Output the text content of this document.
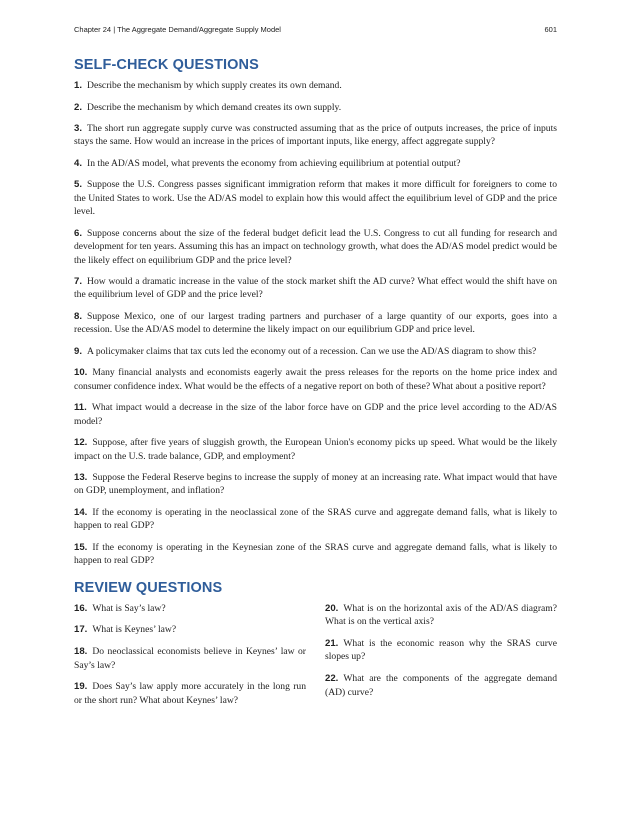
Chapter 24 | The Aggregate Demand/Aggregate Supply Model	601
SELF-CHECK QUESTIONS

1. Describe the mechanism by which supply creates its own demand.

2. Describe the mechanism by which demand creates its own supply.

3. The short run aggregate supply curve was constructed assuming that as the price of outputs increases, the price of inputs stays the same. How would an increase in the prices of important inputs, like energy, affect aggregate supply?

4. In the AD/AS model, what prevents the economy from achieving equilibrium at potential output?

5. Suppose the U.S. Congress passes significant immigration reform that makes it more difficult for foreigners to come to the United States to work. Use the AD/AS model to explain how this would affect the equilibrium level of GDP and the price level.

6. Suppose concerns about the size of the federal budget deficit lead the U.S. Congress to cut all funding for research and development for ten years. Assuming this has an impact on technology growth, what does the AD/AS model predict would be the likely effect on equilibrium GDP and the price level?

7. How would a dramatic increase in the value of the stock market shift the AD curve? What effect would the shift have on the equilibrium level of GDP and the price level?

8. Suppose Mexico, one of our largest trading partners and purchaser of a large quantity of our exports, goes into a recession. Use the AD/AS model to determine the likely impact on our equilibrium GDP and price level.

9. A policymaker claims that tax cuts led the economy out of a recession. Can we use the AD/AS diagram to show this?

10. Many financial analysts and economists eagerly await the press releases for the reports on the home price index and consumer confidence index. What would be the effects of a negative report on both of these? What about a positive report?

11. What impact would a decrease in the size of the labor force have on GDP and the price level according to the AD/AS model?

12. Suppose, after five years of sluggish growth, the European Union's economy picks up speed. What would be the likely impact on the U.S. trade balance, GDP, and employment?

13. Suppose the Federal Reserve begins to increase the supply of money at an increasing rate. What impact would that have on GDP, unemployment, and inflation?

14. If the economy is operating in the neoclassical zone of the SRAS curve and aggregate demand falls, what is likely to happen to real GDP?

15. If the economy is operating in the Keynesian zone of the SRAS curve and aggregate demand falls, what is likely to happen to real GDP?

REVIEW QUESTIONS

16. What is Say’s law?

17. What is Keynes’ law?

18. Do neoclassical economists believe in Keynes’ law or Say’s law?

19. Does Say’s law apply more accurately in the long run or the short run? What about Keynes’ law?

20. What is on the horizontal axis of the AD/AS diagram? What is on the vertical axis?

21. What is the economic reason why the SRAS curve slopes up?

22. What are the components of the aggregate demand (AD) curve?
